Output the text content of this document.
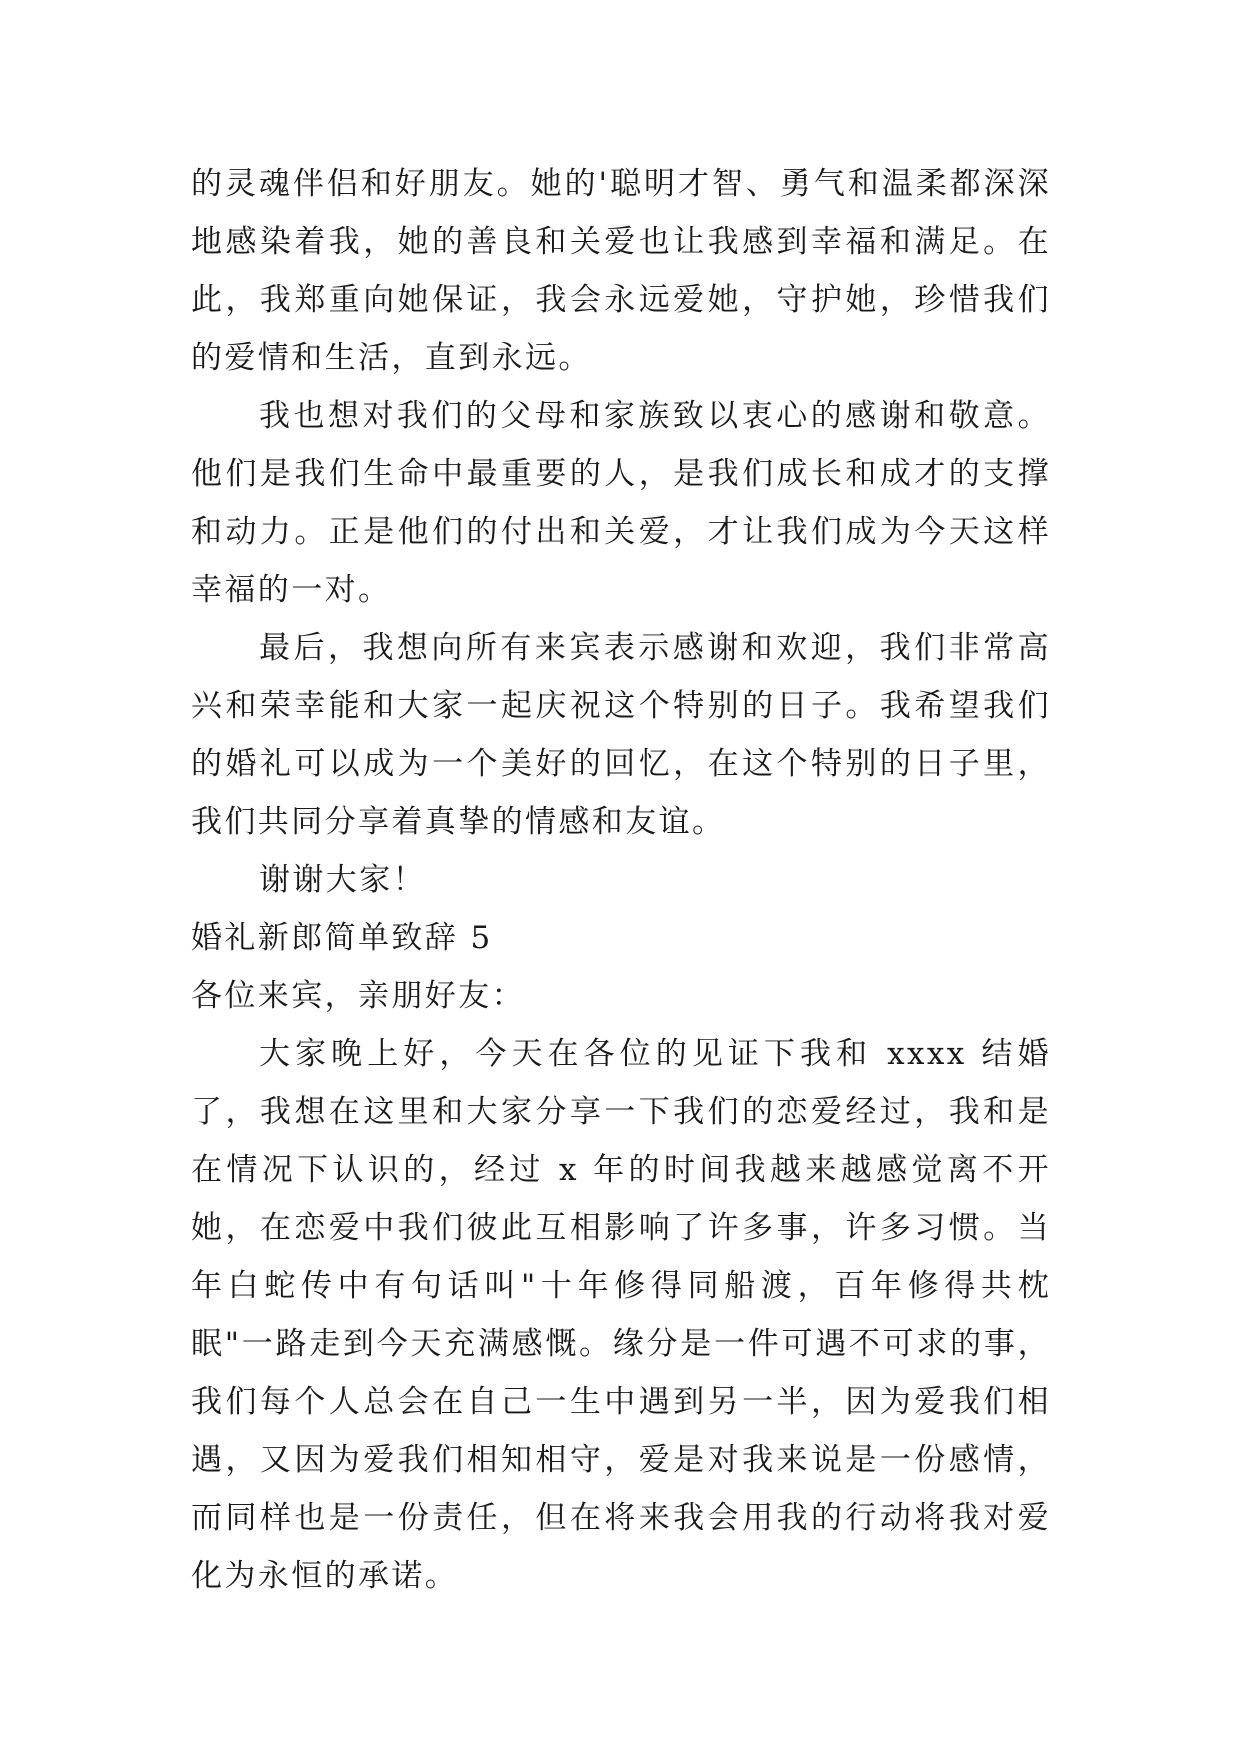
的灵魂伴侣和好朋友。她的'聪明才智、勇气和温柔都深深地感染着我，她的善良和关爱也让我感到幸福和满足。在此，我郑重向她保证，我会永远爱她，守护她，珍惜我们的爱情和生活，直到永远。

我也想对我们的父母和家族致以衷心的感谢和敬意。他们是我们生命中最重要的人，是我们成长和成才的支撑和动力。正是他们的付出和关爱，才让我们成为今天这样幸福的一对。

最后，我想向所有来宾表示感谢和欢迎，我们非常高兴和荣幸能和大家一起庆祝这个特别的日子。我希望我们的婚礼可以成为一个美好的回忆，在这个特别的日子里，我们共同分享着真挚的情感和友谊。

谢谢大家！

婚礼新郎简单致辞 5

各位来宾，亲朋好友：

大家晚上好，今天在各位的见证下我和 xxxx 结婚了，我想在这里和大家分享一下我们的恋爱经过，我和是在情况下认识的，经过 x 年的时间我越来越感觉离不开她，在恋爱中我们彼此互相影响了许多事，许多习惯。当年白蛇传中有句话叫"十年修得同船渡，百年修得共枕眠"一路走到今天充满感慨。缘分是一件可遇不可求的事，我们每个人总会在自己一生中遇到另一半，因为爱我们相遇，又因为爱我们相知相守，爱是对我来说是一份感情，而同样也是一份责任，但在将来我会用我的行动将我对爱化为永恒的承诺。
